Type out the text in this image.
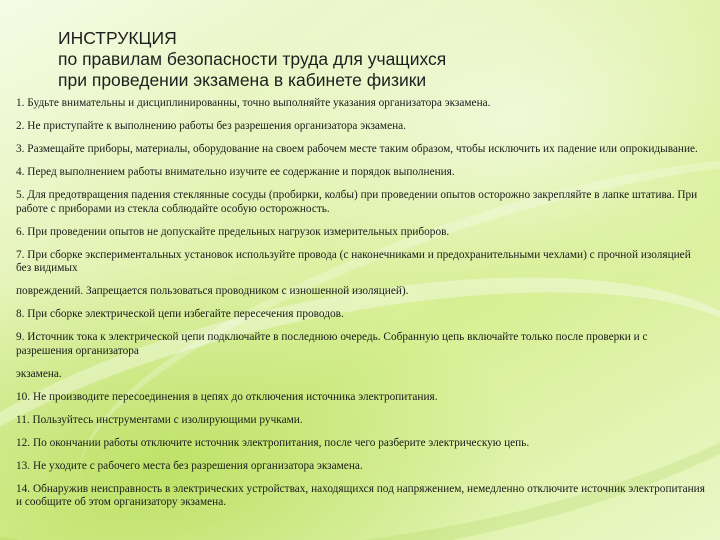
ИНСТРУКЦИЯ
по правилам безопасности труда для учащихся
при проведении экзамена в кабинете физики
1. Будьте внимательны и дисциплинированны, точно выполняйте указания организатора экзамена.
2. Не приступайте к выполнению работы без разрешения организатора экзамена.
3. Размещайте приборы, материалы, оборудование на своем рабочем месте таким образом, чтобы исключить их падение или опрокидывание.
4. Перед выполнением работы внимательно изучите ее содержание и порядок выполнения.
5. Для предотвращения падения стеклянные сосуды (пробирки, колбы) при проведении опытов осторожно закрепляйте в лапке штатива. При работе с приборами из стекла соблюдайте особую осторожность.
6. При проведении опытов не допускайте предельных нагрузок измерительных приборов.
7. При сборке экспериментальных установок используйте провода (с наконечниками и предохранительными чехлами) с прочной изоляцией без видимых
повреждений. Запрещается пользоваться проводником с изношенной изоляцией).
8. При сборке электрической цепи избегайте пересечения проводов.
9. Источник тока к электрической цепи подключайте в последнюю очередь. Собранную цепь включайте только после проверки и с разрешения организатора
экзамена.
10. Не производите пересоединения в цепях до отключения источника электропитания.
11. Пользуйтесь инструментами с изолирующими ручками.
12. По окончании работы отключите источник электропитания, после чего разберите электрическую цепь.
13. Не уходите с рабочего места без разрешения организатора экзамена.
14. Обнаружив неисправность в электрических устройствах, находящихся под напряжением, немедленно отключите источник электропитания и сообщите об этом организатору экзамена.
